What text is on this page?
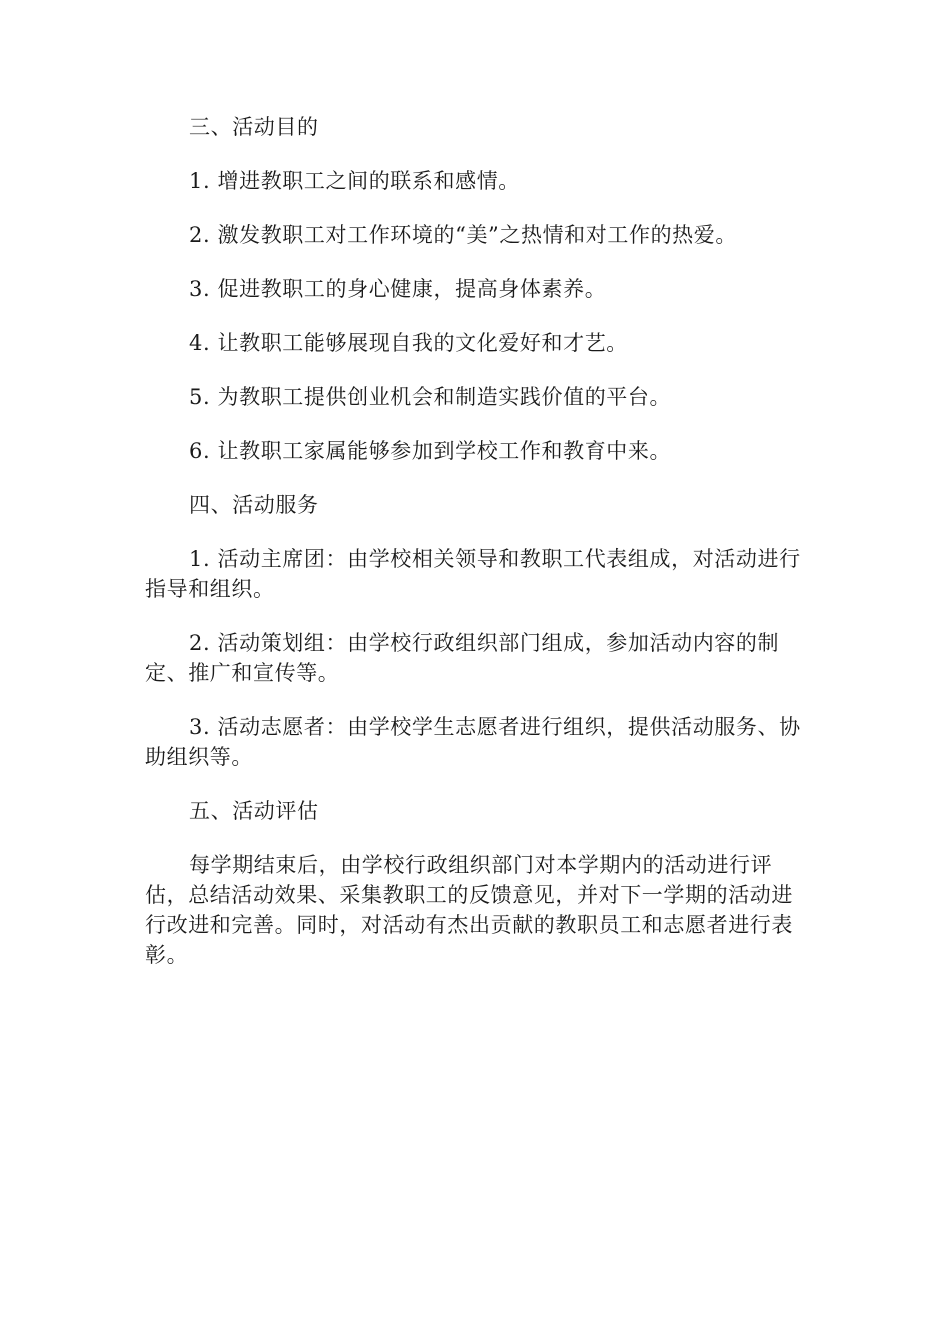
三、活动目的

1. 增进教职工之间的联系和感情。

2. 激发教职工对工作环境的“美”之热情和对工作的热爱。

3. 促进教职工的身心健康，提高身体素养。

4. 让教职工能够展现自我的文化爱好和才艺。

5. 为教职工提供创业机会和制造实践价值的平台。

6. 让教职工家属能够参加到学校工作和教育中来。

四、活动服务

1. 活动主席团：由学校相关领导和教职工代表组成，对活动进行指导和组织。

2. 活动策划组：由学校行政组织部门组成，参加活动内容的制定、推广和宣传等。

3. 活动志愿者：由学校学生志愿者进行组织，提供活动服务、协助组织等。

五、活动评估

每学期结束后，由学校行政组织部门对本学期内的活动进行评估，总结活动效果、采集教职工的反馈意见，并对下一学期的活动进行改进和完善。同时，对活动有杰出贡献的教职员工和志愿者进行表彰。
